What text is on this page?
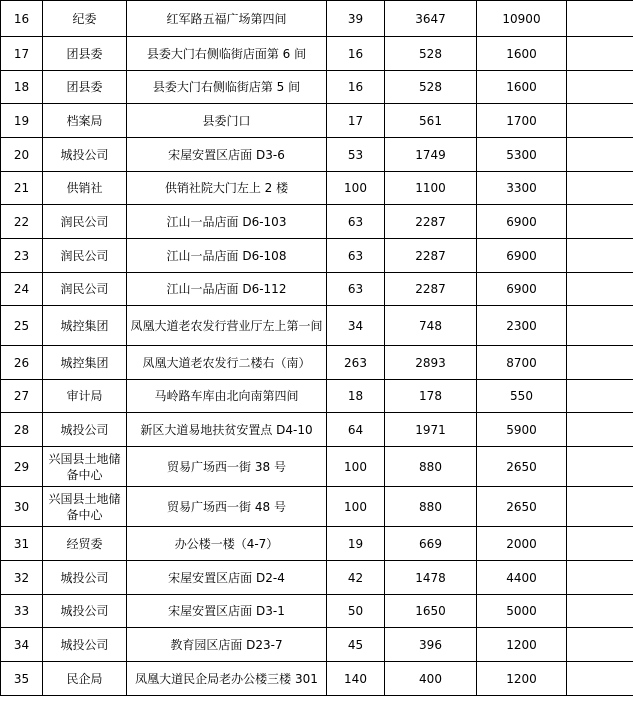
16	纪委	红军路五福广场第四间	39	3647	10900	
17	团县委	县委大门右侧临街店面第 6 间	16	528	1600	
18	团县委	县委大门右侧临街店第 5 间	16	528	1600	
19	档案局	县委门口	17	561	1700	
20	城投公司	宋屋安置区店面 D3-6	53	1749	5300	
21	供销社	供销社院大门左上 2 楼	100	1100	3300	
22	润民公司	江山一品店面 D6-103	63	2287	6900	
23	润民公司	江山一品店面 D6-108	63	2287	6900	
24	润民公司	江山一品店面 D6-112	63	2287	6900	
25	城控集团	凤凰大道老农发行营业厅左上第一间	34	748	2300	
26	城控集团	凤凰大道老农发行二楼右（南）	263	2893	8700	
27	审计局	马岭路车库由北向南第四间	18	178	550	
28	城投公司	新区大道易地扶贫安置点 D4-10	64	1971	5900	
29	兴国县土地储备中心	贸易广场西一街 38 号	100	880	2650	
30	兴国县土地储备中心	贸易广场西一街 48 号	100	880	2650	
31	经贸委	办公楼一楼（4-7）	19	669	2000	
32	城投公司	宋屋安置区店面 D2-4	42	1478	4400	
33	城投公司	宋屋安置区店面 D3-1	50	1650	5000	
34	城投公司	教育园区店面 D23-7	45	396	1200	
35	民企局	凤凰大道民企局老办公楼三楼 301	140	400	1200	
